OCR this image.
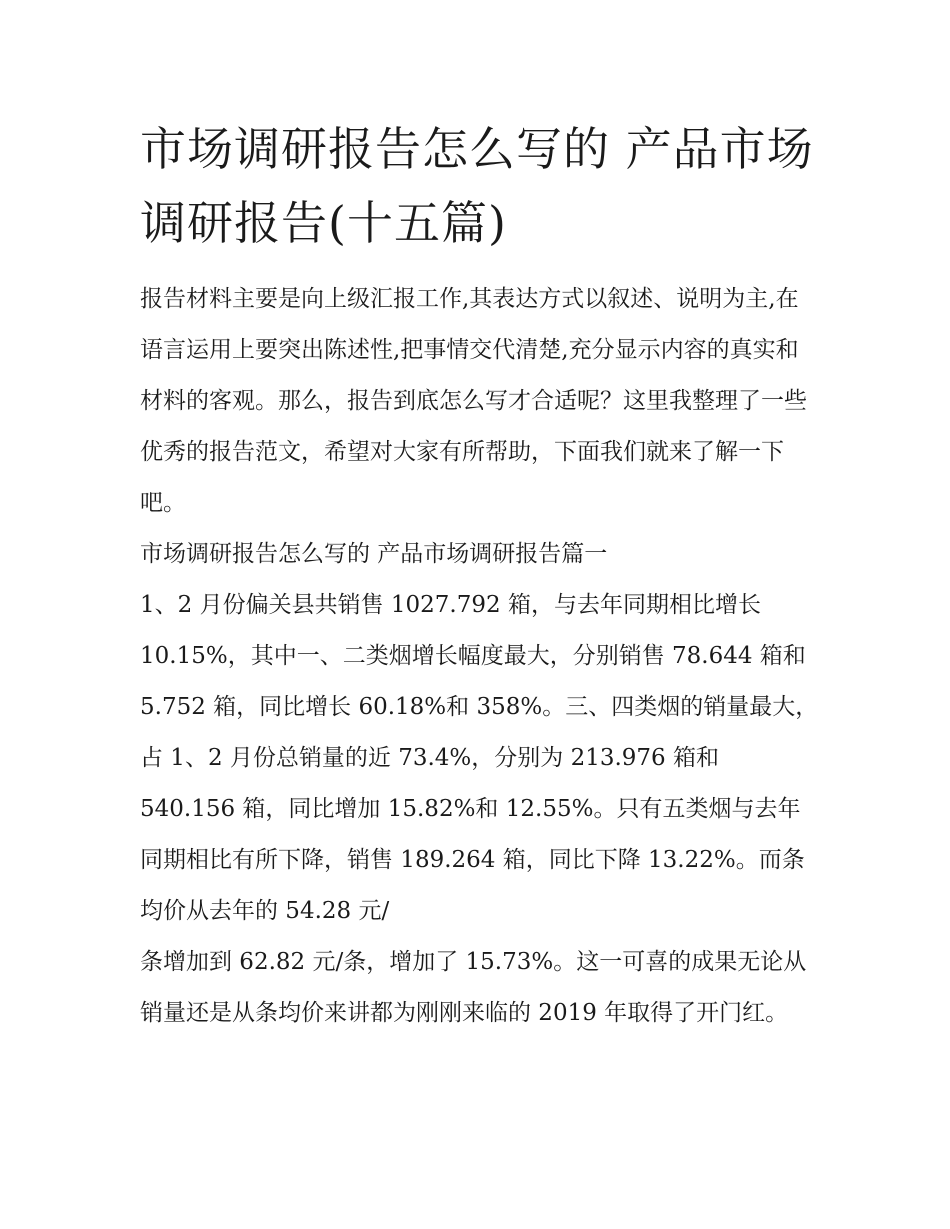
市场调研报告怎么写的 产品市场调研报告(十五篇)

报告材料主要是向上级汇报工作,其表达方式以叙述、说明为主,在语言运用上要突出陈述性,把事情交代清楚,充分显示内容的真实和材料的客观。那么，报告到底怎么写才合适呢？这里我整理了一些优秀的报告范文，希望对大家有所帮助，下面我们就来了解一下吧。

市场调研报告怎么写的 产品市场调研报告篇一

1、2 月份偏关县共销售 1027.792 箱，与去年同期相比增长 10.15%，其中一、二类烟增长幅度最大，分别销售 78.644 箱和 5.752 箱，同比增长 60.18%和 358%。三、四类烟的销量最大，占 1、2 月份总销量的近 73.4%，分别为 213.976 箱和 540.156 箱，同比增加 15.82%和 12.55%。只有五类烟与去年同期相比有所下降，销售 189.264 箱，同比下降 13.22%。而条均价从去年的 54.28 元/

条增加到 62.82 元/条，增加了 15.73%。这一可喜的成果无论从销量还是从条均价来讲都为刚刚来临的 2019 年取得了开门红。
